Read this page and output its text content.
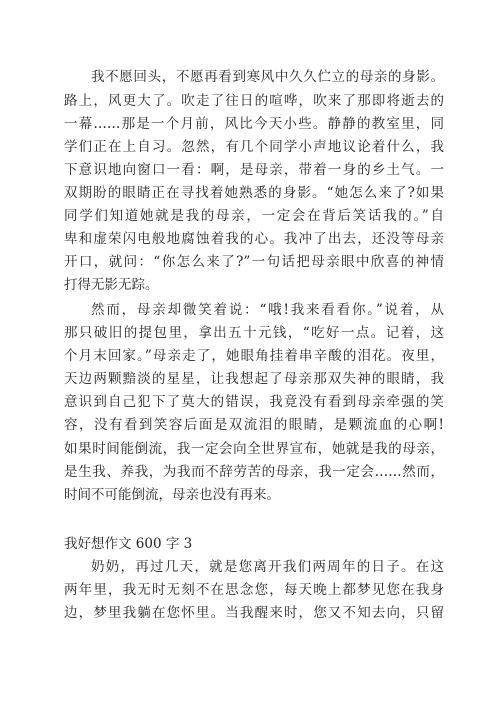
我不愿回头，不愿再看到寒风中久久伫立的母亲的身影。
路上，风更大了。吹走了往日的喧哗，吹来了那即将逝去的
一幕……那是一个月前，风比今天小些。静静的教室里，同
学们正在上自习。忽然，有几个同学小声地议论着什么，我
下意识地向窗口一看：啊，是母亲，带着一身的乡土气。一
双期盼的眼睛正在寻找着她熟悉的身影。“她怎么来了?如果
同学们知道她就是我的母亲，一定会在背后笑话我的。”自
卑和虚荣闪电般地腐蚀着我的心。我冲了出去，还没等母亲
开口，就问：“你怎么来了?”一句话把母亲眼中欣喜的神情
打得无影无踪。
然而，母亲却微笑着说：“哦!我来看看你。”说着，从
那只破旧的提包里，拿出五十元钱，“吃好一点。记着，这
个月末回家。”母亲走了，她眼角挂着串辛酸的泪花。夜里，
天边两颗黯淡的星星，让我想起了母亲那双失神的眼睛，我
意识到自己犯下了莫大的错误，我竟没有看到母亲牵强的笑
容，没有看到笑容后面是双流泪的眼睛，是颗流血的心啊!
如果时间能倒流，我一定会向全世界宣布，她就是我的母亲，
是生我、养我，为我而不辞劳苦的母亲，我一定会……然而，
时间不可能倒流，母亲也没有再来。
我好想作文 600 字 3
奶奶，再过几天，就是您离开我们两周年的日子。在这
两年里，我无时无刻不在思念您，每天晚上都梦见您在我身
边，梦里我躺在您怀里。当我醒来时，您又不知去向，只留
